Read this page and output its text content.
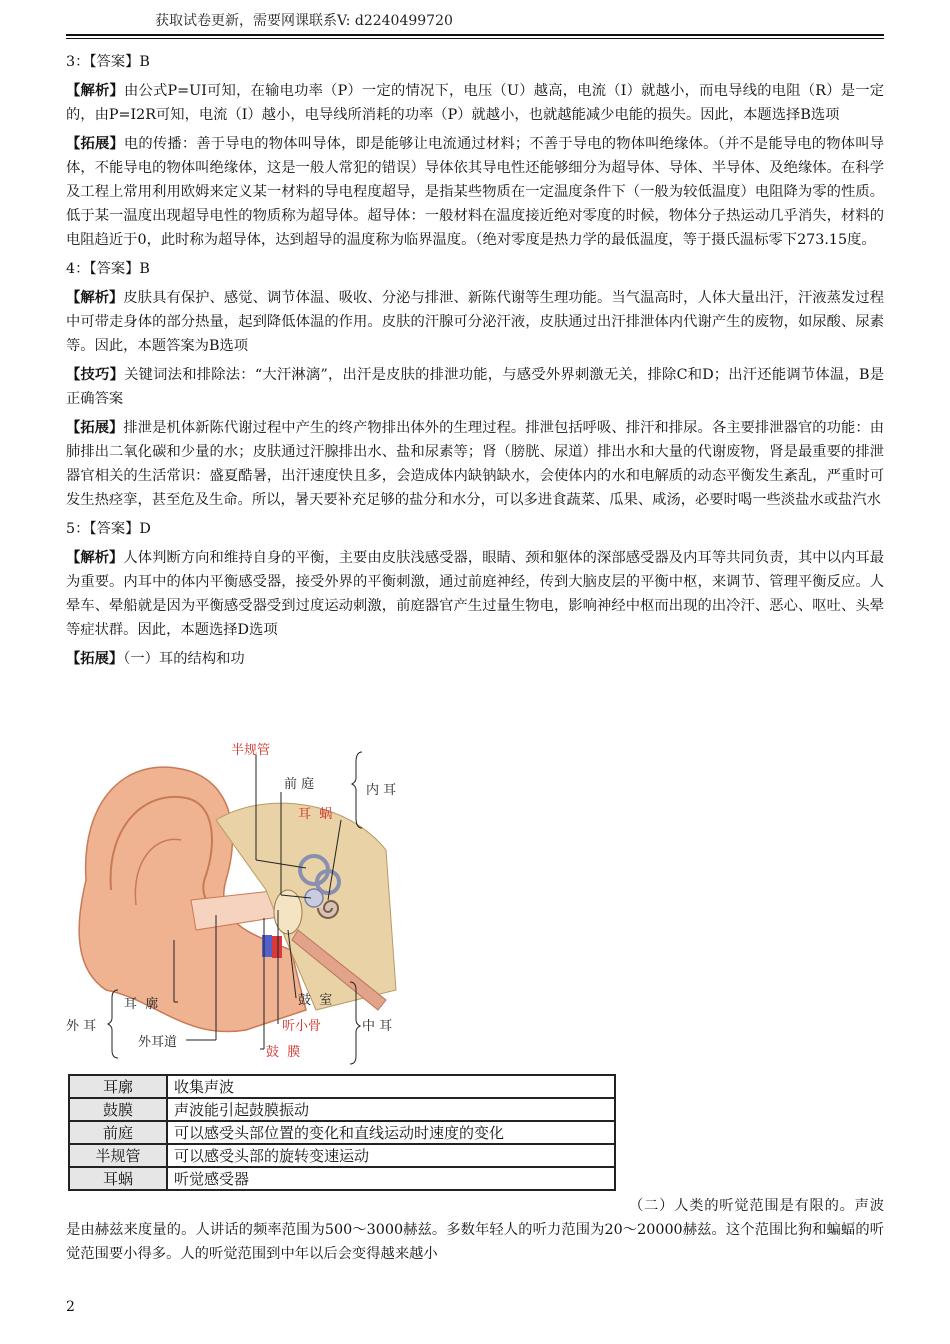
获取试卷更新，需要网课联系V: d2240499720

3：【答案】B

【解析】由公式P=UI可知，在输电功率（P）一定的情况下，电压（U）越高，电流（I）就越小，而电导线的电阻（R）是一定的，由P=I2R可知，电流（I）越小，电导线所消耗的功率（P）就越小，也就越能减少电能的损失。因此，本题选择B选项

【拓展】电的传播：善于导电的物体叫导体，即是能够让电流通过材料；不善于导电的物体叫绝缘体。（并不是能导电的物体叫导体，不能导电的物体叫绝缘体，这是一般人常犯的错误）导体依其导电性还能够细分为超导体、导体、半导体、及绝缘体。在科学及工程上常用利用欧姆来定义某一材料的导电程度超导，是指某些物质在一定温度条件下（一般为较低温度）电阻降为零的性质。低于某一温度出现超导电性的物质称为超导体。超导体：一般材料在温度接近绝对零度的时候，物体分子热运动几乎消失，材料的电阻趋近于0，此时称为超导体，达到超导的温度称为临界温度。（绝对零度是热力学的最低温度，等于摄氏温标零下273.15度。

4：【答案】B

【解析】皮肤具有保护、感觉、调节体温、吸收、分泌与排泄、新陈代谢等生理功能。当气温高时，人体大量出汗，汗液蒸发过程中可带走身体的部分热量，起到降低体温的作用。皮肤的汗腺可分泌汗液，皮肤通过出汗排泄体内代谢产生的废物，如尿酸、尿素等。因此，本题答案为B选项

【技巧】关键词法和排除法：“大汗淋漓”，出汗是皮肤的排泄功能，与感受外界刺激无关，排除C和D；出汗还能调节体温，B是正确答案

【拓展】排泄是机体新陈代谢过程中产生的终产物排出体外的生理过程。排泄包括呼吸、排汗和排尿。各主要排泄器官的功能：由肺排出二氧化碳和少量的水；皮肤通过汗腺排出水、盐和尿素等；肾（膀胱、尿道）排出水和大量的代谢废物，肾是最重要的排泄器官相关的生活常识：盛夏酷暑，出汗速度快且多，会造成体内缺钠缺水，会使体内的水和电解质的动态平衡发生紊乱，严重时可发生热痉挛，甚至危及生命。所以，暑天要补充足够的盐分和水分，可以多进食蔬菜、瓜果、咸汤，必要时喝一些淡盐水或盐汽水

5：【答案】D

【解析】人体判断方向和维持自身的平衡，主要由皮肤浅感受器，眼睛、颈和躯体的深部感受器及内耳等共同负责，其中以内耳最为重要。内耳中的体内平衡感受器，接受外界的平衡刺激，通过前庭神经，传到大脑皮层的平衡中枢，来调节、管理平衡反应。人晕车、晕船就是因为平衡感受器受到过度运动刺激，前庭器官产生过量生物电，影响神经中枢而出现的出冷汗、恶心、呕吐、头晕等症状群。因此，本题选择D选项

【拓展】（一）耳的结构和功

半规管
前 庭
耳  蜗
内 耳
耳  廓
外 耳
外耳道
鼓  室
听小骨
鼓  膜
中 耳
耳廓	收集声波
鼓膜	声波能引起鼓膜振动
前庭	可以感受头部位置的变化和直线运动时速度的变化
半规管	可以感受头部的旋转变速运动
耳蜗	听觉感受器
（二）人类的听觉范围是有限的。声波是由赫兹来度量的。人讲话的频率范围为500～3000赫兹。多数年轻人的听力范围为20～20000赫兹。这个范围比狗和蝙蝠的听觉范围要小得多。人的听觉范围到中年以后会变得越来越小
2
